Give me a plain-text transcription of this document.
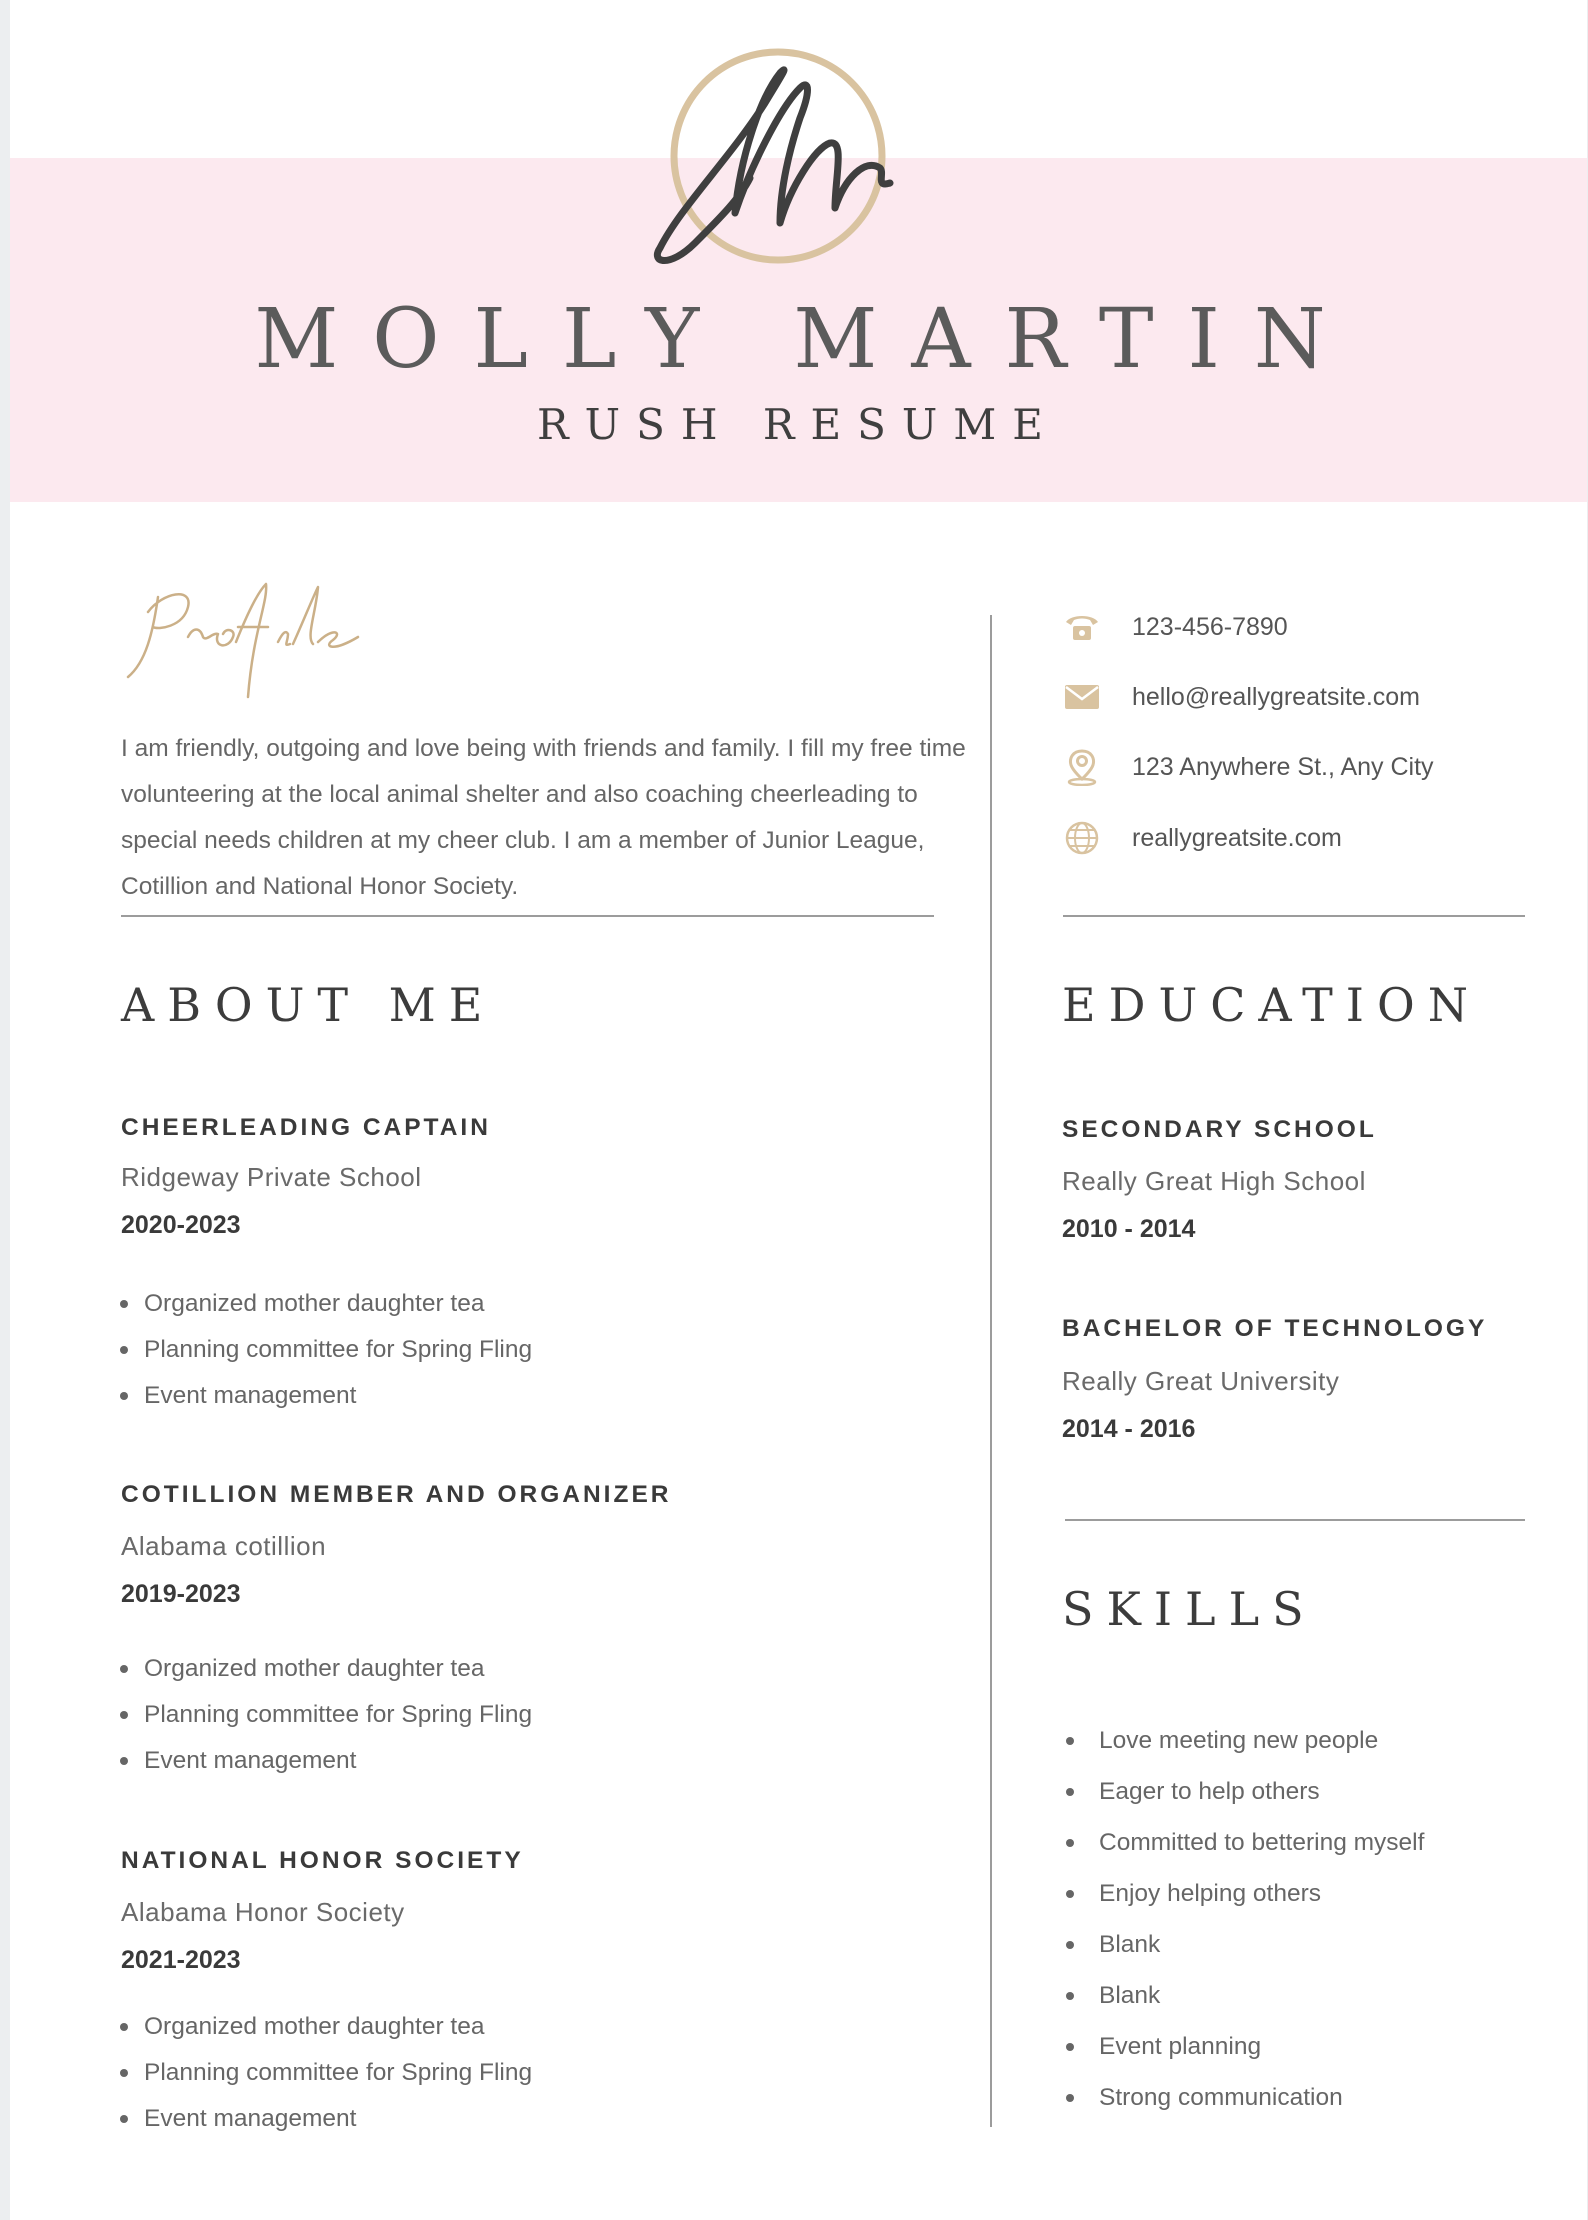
MOLLY MARTIN
RUSH RESUME
I am friendly, outgoing and love being with friends and family. I fill my free time volunteering at the local animal shelter and also coaching cheerleading to special needs children at my cheer club. I am a member of Junior League, Cotillion and National Honor Society.
123-456-7890
hello@reallygreatsite.com
123 Anywhere St., Any City
reallygreatsite.com
ABOUT ME
CHEERLEADING CAPTAIN
Ridgeway Private School
2020-2023
Organized mother daughter tea
Planning committee for Spring Fling
Event management
COTILLION MEMBER AND ORGANIZER
Alabama cotillion
2019-2023
Organized mother daughter tea
Planning committee for Spring Fling
Event management
NATIONAL HONOR SOCIETY
Alabama Honor Society
2021-2023
Organized mother daughter tea
Planning committee for Spring Fling
Event management
EDUCATION
SECONDARY SCHOOL
Really Great High School
2010 - 2014
BACHELOR OF TECHNOLOGY
Really Great University
2014 - 2016
SKILLS
Love meeting new people
Eager to help others
Committed to bettering myself
Enjoy helping others
Blank
Blank
Event planning
Strong communication
